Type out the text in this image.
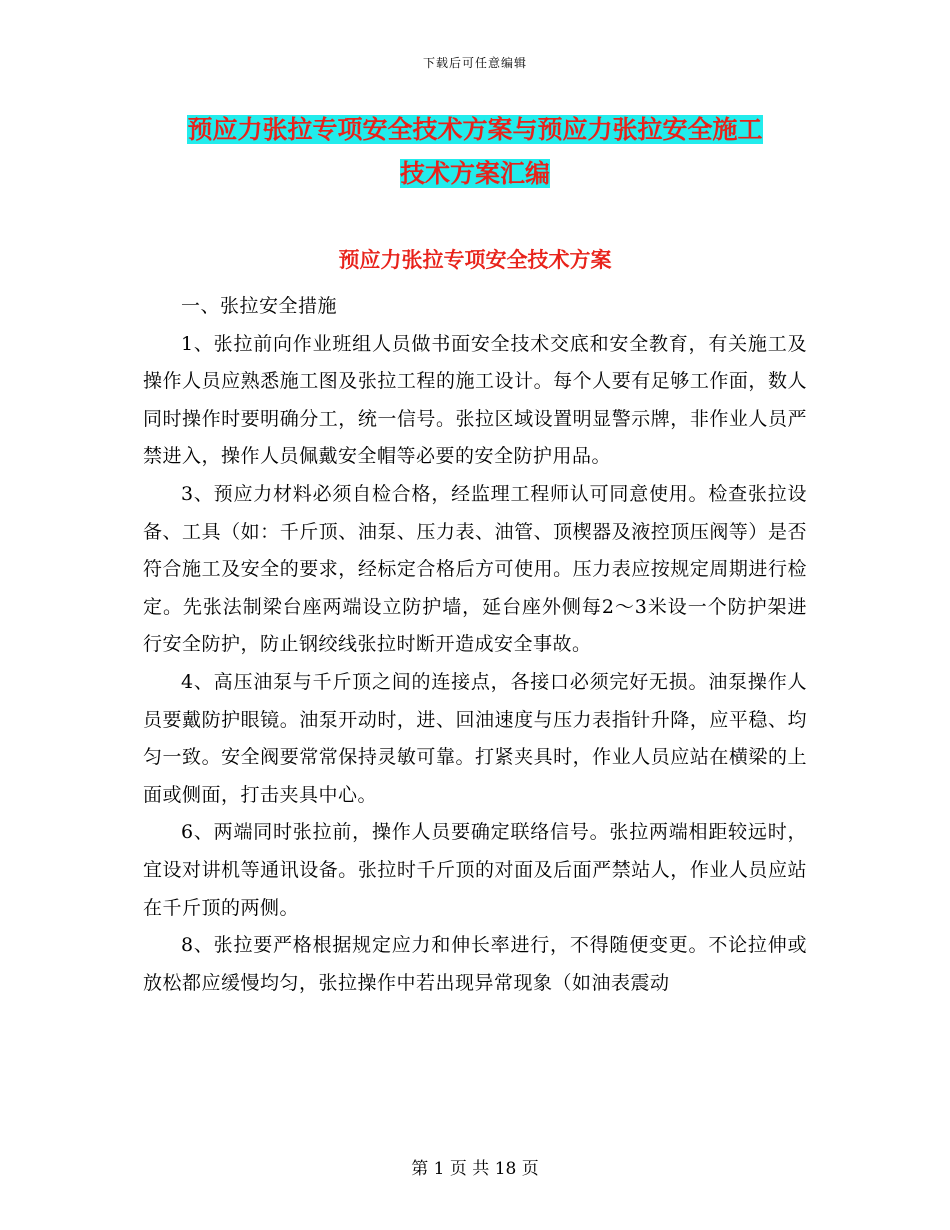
下载后可任意编辑
预应力张拉专项安全技术方案与预应力张拉安全施工
技术方案汇编
预应力张拉专项安全技术方案

一、张拉安全措施

1、张拉前向作业班组人员做书面安全技术交底和安全教育，有关施工及操作人员应熟悉施工图及张拉工程的施工设计。每个人要有足够工作面，数人同时操作时要明确分工，统一信号。张拉区域设置明显警示牌，非作业人员严禁进入，操作人员佩戴安全帽等必要的安全防护用品。

3、预应力材料必须自检合格，经监理工程师认可同意使用。检查张拉设备、工具（如：千斤顶、油泵、压力表、油管、顶楔器及液控顶压阀等）是否符合施工及安全的要求，经标定合格后方可使用。压力表应按规定周期进行检定。先张法制梁台座两端设立防护墙，延台座外侧每2～3米设一个防护架进行安全防护，防止钢绞线张拉时断开造成安全事故。

4、高压油泵与千斤顶之间的连接点，各接口必须完好无损。油泵操作人员要戴防护眼镜。油泵开动时，进、回油速度与压力表指针升降，应平稳、均匀一致。安全阀要常常保持灵敏可靠。打紧夹具时，作业人员应站在横梁的上面或侧面，打击夹具中心。

6、两端同时张拉前，操作人员要确定联络信号。张拉两端相距较远时，宜设对讲机等通讯设备。张拉时千斤顶的对面及后面严禁站人，作业人员应站在千斤顶的两侧。

8、张拉要严格根据规定应力和伸长率进行，不得随便变更。不论拉伸或放松都应缓慢均匀，张拉操作中若出现异常现象（如油表震动

第 1 页 共 18 页
